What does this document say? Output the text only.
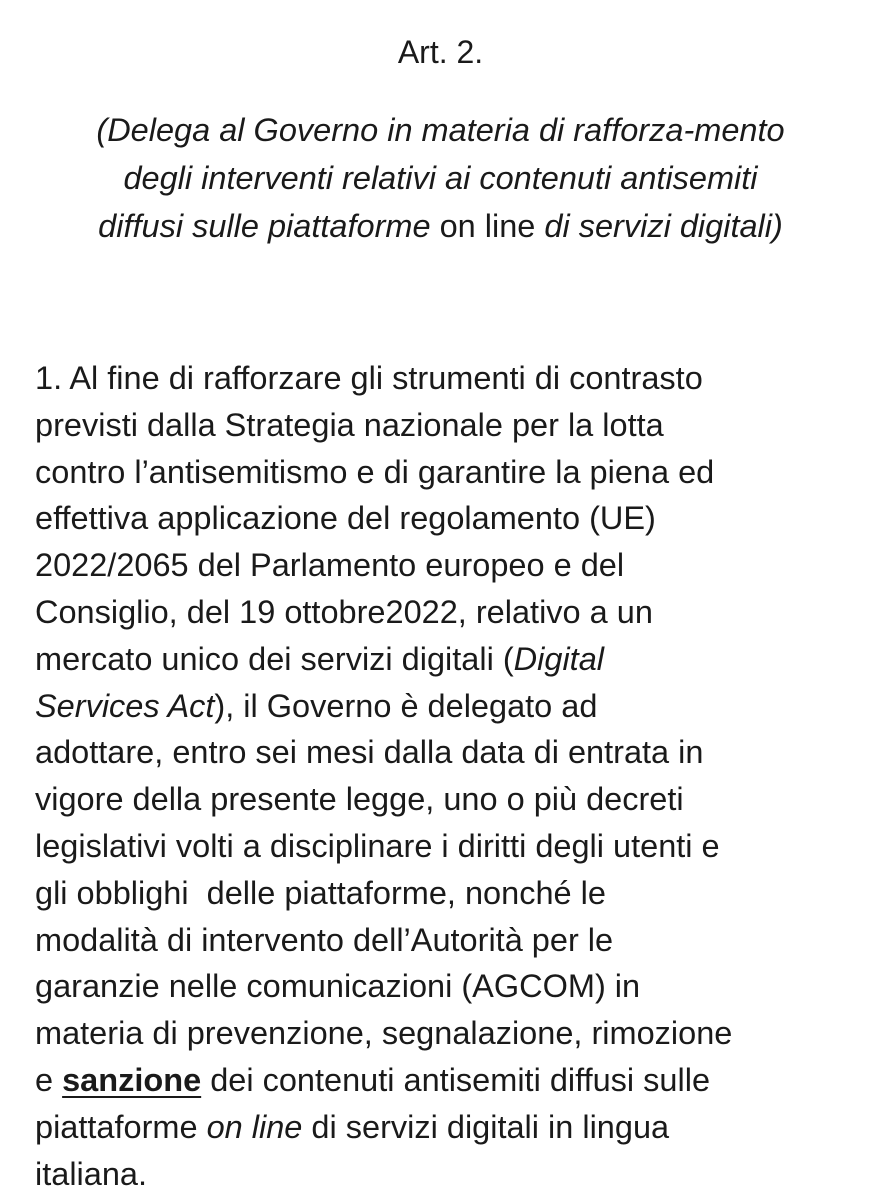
Art. 2.

(Delega al Governo in materia di rafforza-mento
degli interventi relativi ai contenuti antisemiti
diffusi sulle piattaforme on line di servizi digitali)

1. Al fine di rafforzare gli strumenti di contrasto
previsti dalla Strategia nazionale per la lotta
contro l’antisemitismo e di garantire la piena ed
effettiva applicazione del regolamento (UE)
2022/2065 del Parlamento europeo e del
Consiglio, del 19 ottobre2022, relativo a un
mercato unico dei servizi digitali (Digital
Services Act), il Governo è delegato ad
adottare, entro sei mesi dalla data di entrata in
vigore della presente legge, uno o più decreti
legislativi volti a disciplinare i diritti degli utenti e
gli obblighi  delle piattaforme, nonché le
modalità di intervento dell’Autorità per le
garanzie nelle comunicazioni (AGCOM) in
materia di prevenzione, segnalazione, rimozione
e sanzione dei contenuti antisemiti diffusi sulle
piattaforme on line di servizi digitali in lingua
italiana.
